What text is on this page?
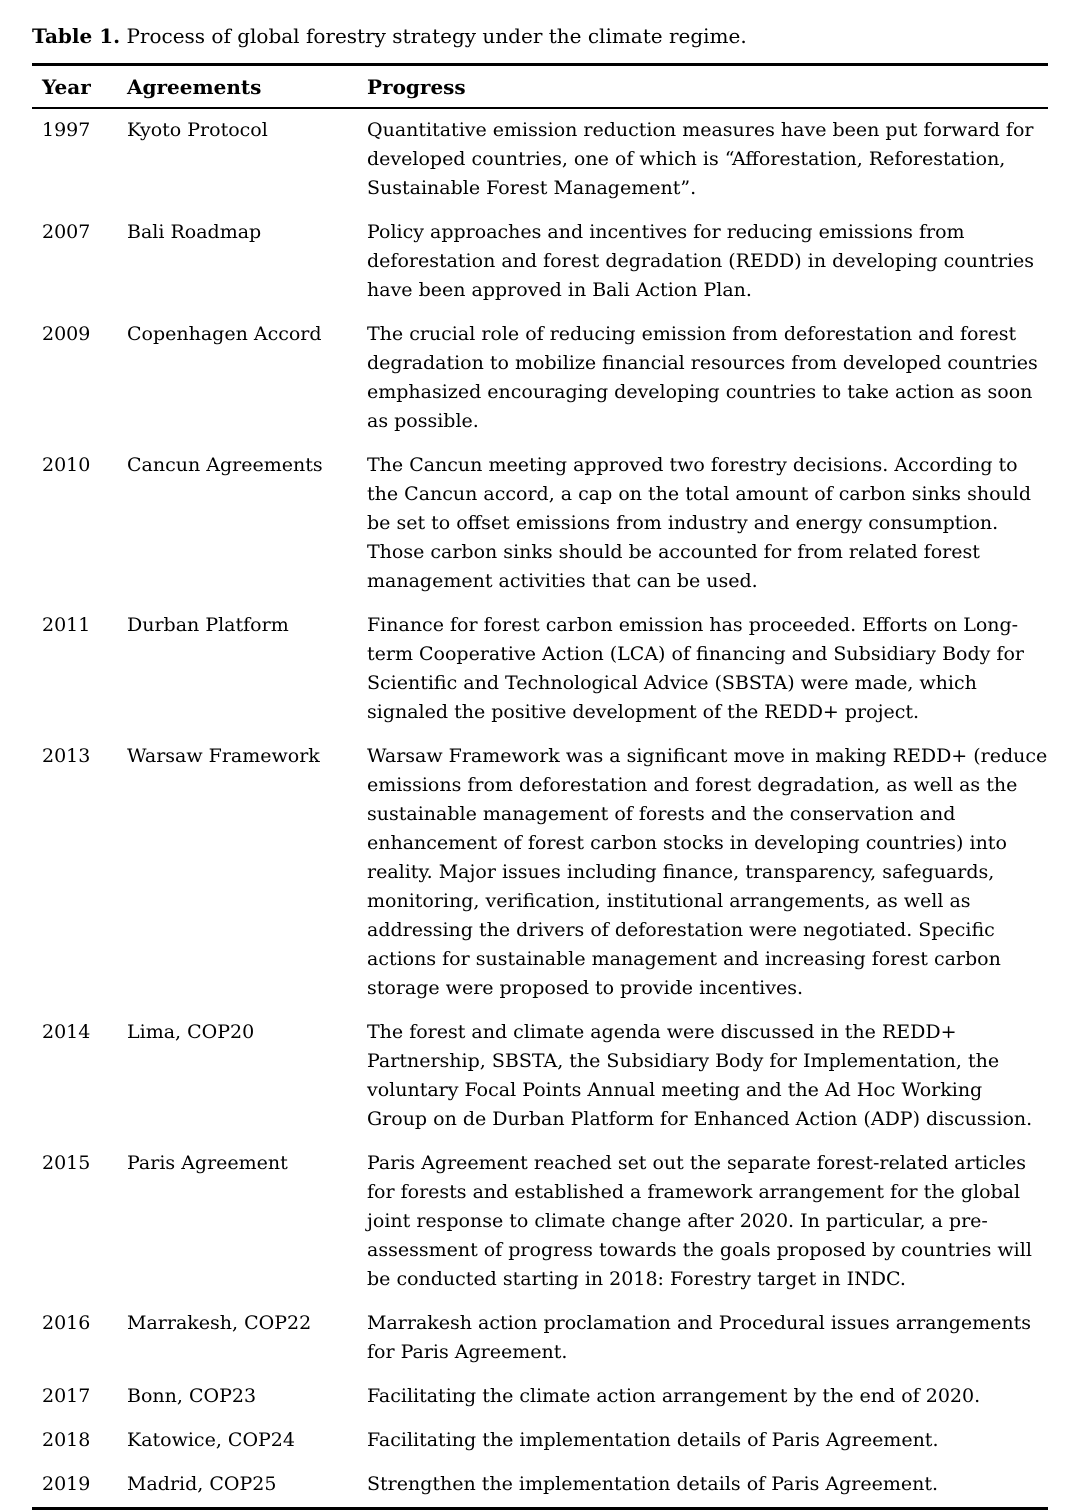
Table 1. Process of global forestry strategy under the climate regime.

Year	Agreements	Progress
1997	Kyoto Protocol	Quantitative emission reduction measures have been put forward for developed countries, one of which is “Afforestation, Reforestation, Sustainable Forest Management”.
2007	Bali Roadmap	Policy approaches and incentives for reducing emissions from deforestation and forest degradation (REDD) in developing countries have been approved in Bali Action Plan.
2009	Copenhagen Accord	The crucial role of reducing emission from deforestation and forest degradation to mobilize financial resources from developed countries emphasized encouraging developing countries to take action as soon as possible.
2010	Cancun Agreements	The Cancun meeting approved two forestry decisions. According to the Cancun accord, a cap on the total amount of carbon sinks should be set to offset emissions from industry and energy consumption. Those carbon sinks should be accounted for from related forest management activities that can be used.
2011	Durban Platform	Finance for forest carbon emission has proceeded. Efforts on Long-term Cooperative Action (LCA) of financing and Subsidiary Body for Scientific and Technological Advice (SBSTA) were made, which signaled the positive development of the REDD+ project.
2013	Warsaw Framework	Warsaw Framework was a significant move in making REDD+ (reduce emissions from deforestation and forest degradation, as well as the sustainable management of forests and the conservation and enhancement of forest carbon stocks in developing countries) into reality. Major issues including finance, transparency, safeguards, monitoring, verification, institutional arrangements, as well as addressing the drivers of deforestation were negotiated. Specific actions for sustainable management and increasing forest carbon storage were proposed to provide incentives.
2014	Lima, COP20	The forest and climate agenda were discussed in the REDD+ Partnership, SBSTA, the Subsidiary Body for Implementation, the voluntary Focal Points Annual meeting and the Ad Hoc Working Group on de Durban Platform for Enhanced Action (ADP) discussion.
2015	Paris Agreement	Paris Agreement reached set out the separate forest-related articles for forests and established a framework arrangement for the global joint response to climate change after 2020. In particular, a pre-assessment of progress towards the goals proposed by countries will be conducted starting in 2018: Forestry target in INDC.
2016	Marrakesh, COP22	Marrakesh action proclamation and Procedural issues arrangements for Paris Agreement.
2017	Bonn, COP23	Facilitating the climate action arrangement by the end of 2020.
2018	Katowice, COP24	Facilitating the implementation details of Paris Agreement.
2019	Madrid, COP25	Strengthen the implementation details of Paris Agreement.
